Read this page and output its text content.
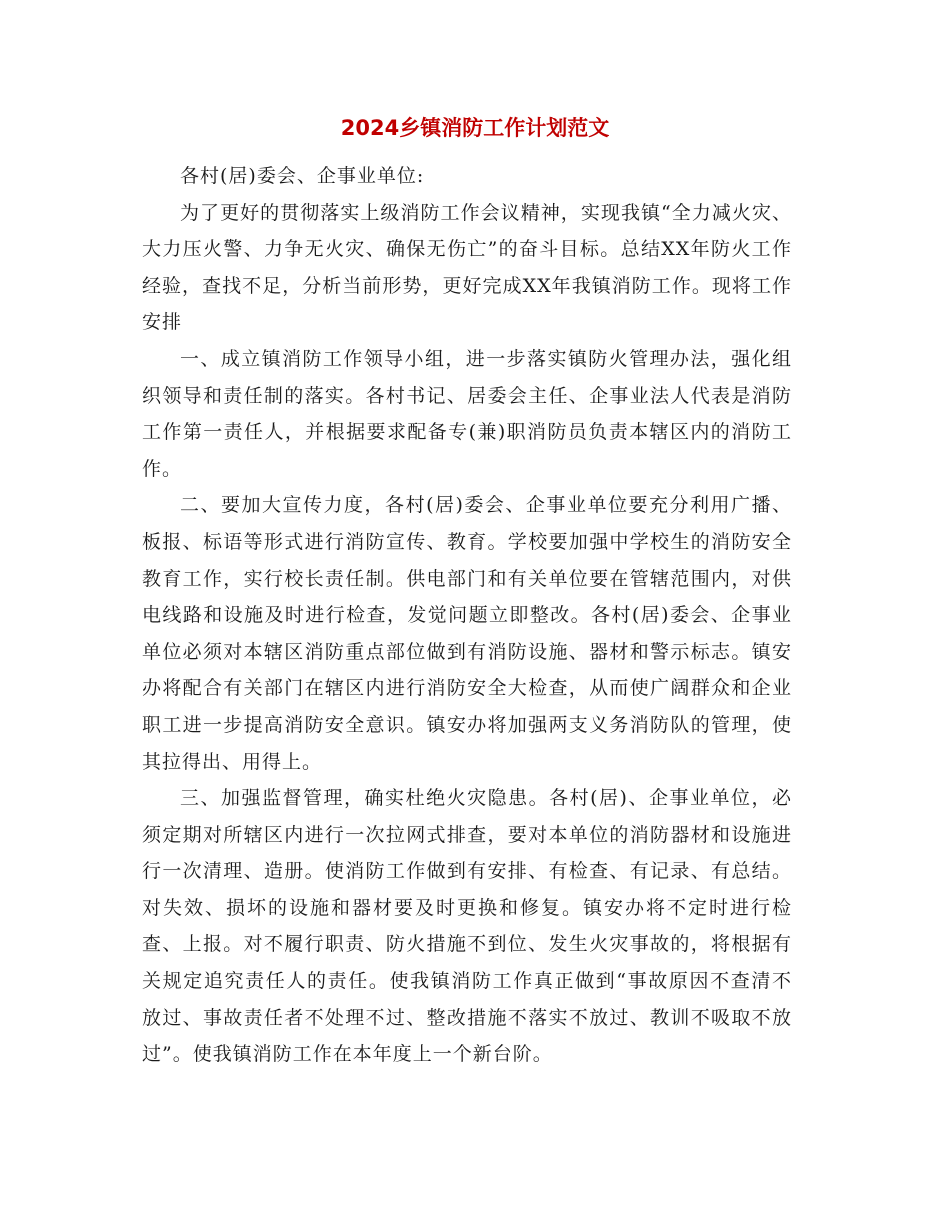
2024乡镇消防工作计划范文

各村(居)委会、企事业单位:

为了更好的贯彻落实上级消防工作会议精神，实现我镇“全力减火灾、大力压火警、力争无火灾、确保无伤亡”的奋斗目标。总结XX年防火工作经验，查找不足，分析当前形势，更好完成XX年我镇消防工作。现将工作安排

一、成立镇消防工作领导小组，进一步落实镇防火管理办法，强化组织领导和责任制的落实。各村书记、居委会主任、企事业法人代表是消防工作第一责任人，并根据要求配备专(兼)职消防员负责本辖区内的消防工作。

二、要加大宣传力度，各村(居)委会、企事业单位要充分利用广播、板报、标语等形式进行消防宣传、教育。学校要加强中学校生的消防安全教育工作，实行校长责任制。供电部门和有关单位要在管辖范围内，对供电线路和设施及时进行检查，发觉问题立即整改。各村(居)委会、企事业单位必须对本辖区消防重点部位做到有消防设施、器材和警示标志。镇安办将配合有关部门在辖区内进行消防安全大检查，从而使广阔群众和企业职工进一步提高消防安全意识。镇安办将加强两支义务消防队的管理，使其拉得出、用得上。

三、加强监督管理，确实杜绝火灾隐患。各村(居)、企事业单位，必须定期对所辖区内进行一次拉网式排查，要对本单位的消防器材和设施进行一次清理、造册。使消防工作做到有安排、有检查、有记录、有总结。对失效、损坏的设施和器材要及时更换和修复。镇安办将不定时进行检查、上报。对不履行职责、防火措施不到位、发生火灾事故的，将根据有关规定追究责任人的责任。使我镇消防工作真正做到“事故原因不查清不放过、事故责任者不处理不过、整改措施不落实不放过、教训不吸取不放过”。使我镇消防工作在本年度上一个新台阶。
